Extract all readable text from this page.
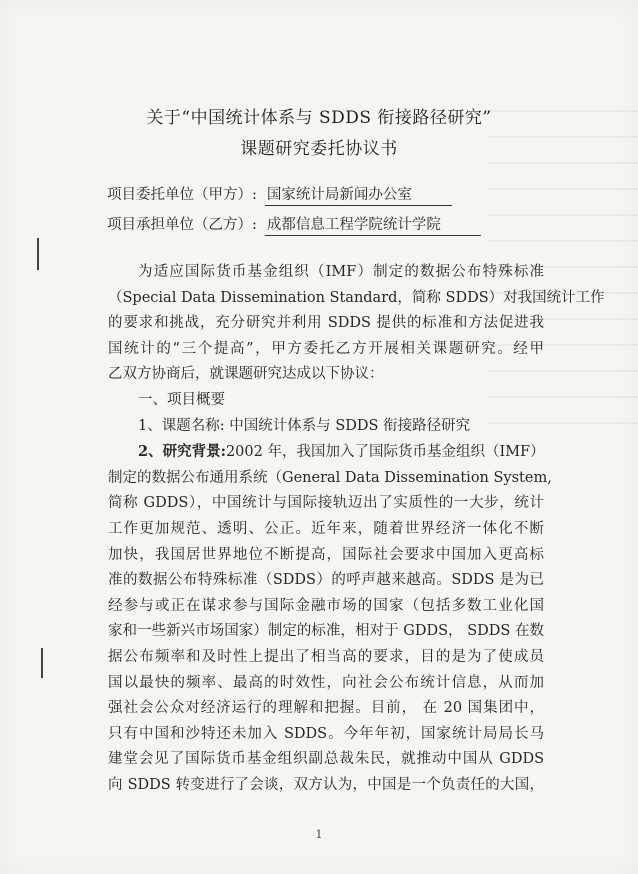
关于“中国统计体系与 SDDS 衔接路径研究”
课题研究委托协议书
项目委托单位（甲方）: 国家统计局新闻办公室
项目承担单位（乙方）: 成都信息工程学院统计学院
为适应国际货币基金组织（IMF）制定的数据公布特殊标准
（Special Data Dissemination Standard，简称 SDDS）对我国统计工作
的要求和挑战，充分研究并利用 SDDS 提供的标准和方法促进我
国统计的“三个提高”，甲方委托乙方开展相关课题研究。经甲
乙双方协商后，就课题研究达成以下协议：
一、项目概要
1、课题名称: 中国统计体系与 SDDS 衔接路径研究
2、研究背景:2002 年，我国加入了国际货币基金组织（IMF）
制定的数据公布通用系统（General Data Dissemination System,
简称 GDDS），中国统计与国际接轨迈出了实质性的一大步，统计
工作更加规范、透明、公正。近年来，随着世界经济一体化不断
加快，我国居世界地位不断提高，国际社会要求中国加入更高标
准的数据公布特殊标准（SDDS）的呼声越来越高。SDDS 是为已
经参与或正在谋求参与国际金融市场的国家（包括多数工业化国
家和一些新兴市场国家）制定的标准，相对于 GDDS， SDDS 在数
据公布频率和及时性上提出了相当高的要求，目的是为了使成员
国以最快的频率、最高的时效性，向社会公布统计信息，从而加
强社会公众对经济运行的理解和把握。目前， 在 20 国集团中，
只有中国和沙特还未加入 SDDS。今年年初，国家统计局局长马
建堂会见了国际货币基金组织副总裁朱民，就推动中国从 GDDS
向 SDDS 转变进行了会谈，双方认为，中国是一个负责任的大国，
1
